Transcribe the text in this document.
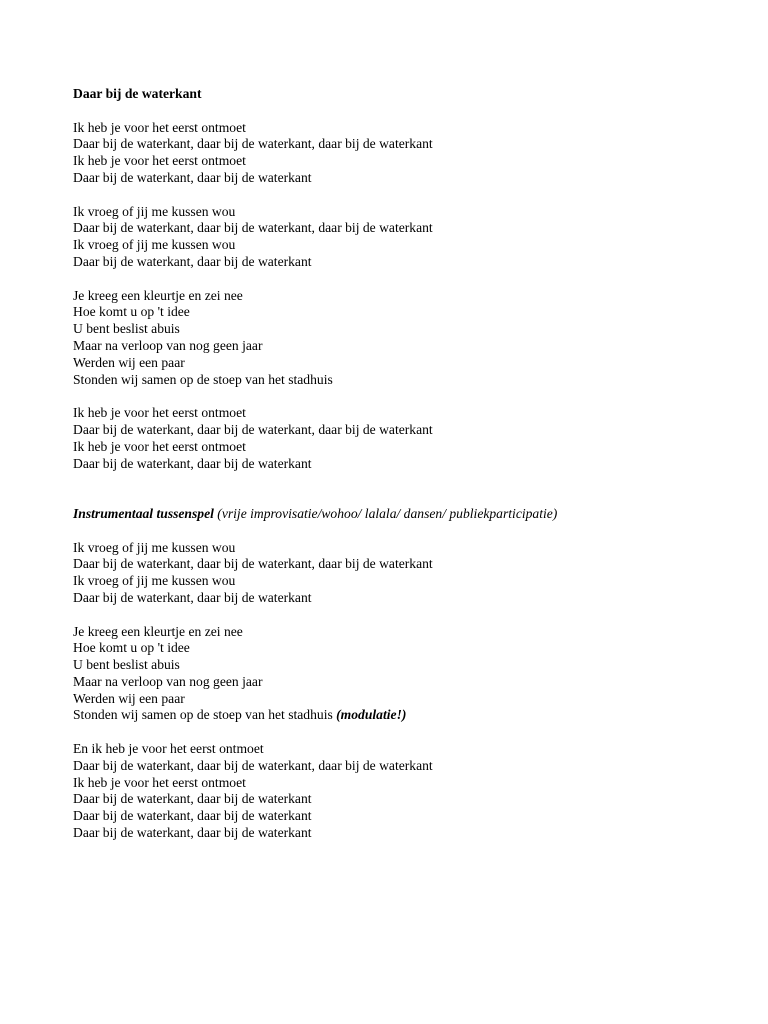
Daar bij de waterkant
Ik heb je voor het eerst ontmoet
Daar bij de waterkant, daar bij de waterkant, daar bij de waterkant
Ik heb je voor het eerst ontmoet
Daar bij de waterkant, daar bij de waterkant
Ik vroeg of jij me kussen wou
Daar bij de waterkant, daar bij de waterkant, daar bij de waterkant
Ik vroeg of jij me kussen wou
Daar bij de waterkant, daar bij de waterkant
Je kreeg een kleurtje en zei nee
Hoe komt u op 't idee
U bent beslist abuis
Maar na verloop van nog geen jaar
Werden wij een paar
Stonden wij samen op de stoep van het stadhuis
Ik heb je voor het eerst ontmoet
Daar bij de waterkant, daar bij de waterkant, daar bij de waterkant
Ik heb je voor het eerst ontmoet
Daar bij de waterkant, daar bij de waterkant
Instrumentaal tussenspel (vrije improvisatie/wohoo/ lalala/ dansen/ publiekparticipatie)
Ik vroeg of jij me kussen wou
Daar bij de waterkant, daar bij de waterkant, daar bij de waterkant
Ik vroeg of jij me kussen wou
Daar bij de waterkant, daar bij de waterkant
Je kreeg een kleurtje en zei nee
Hoe komt u op 't idee
U bent beslist abuis
Maar na verloop van nog geen jaar
Werden wij een paar
Stonden wij samen op de stoep van het stadhuis (modulatie!)
En ik heb je voor het eerst ontmoet
Daar bij de waterkant, daar bij de waterkant, daar bij de waterkant
Ik heb je voor het eerst ontmoet
Daar bij de waterkant, daar bij de waterkant
Daar bij de waterkant, daar bij de waterkant
Daar bij de waterkant, daar bij de waterkant
